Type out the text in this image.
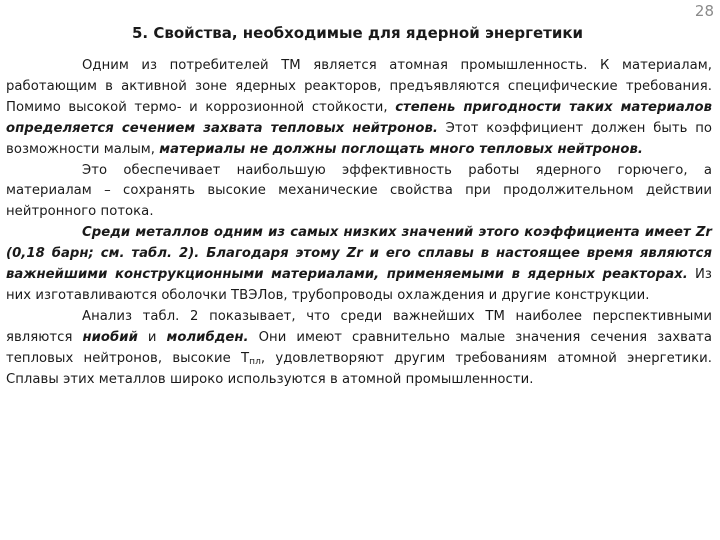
28
5. Свойства, необходимые для ядерной энергетики

Одним из потребителей ТМ является атомная промышленность. К материалам, работающим в активной зоне ядерных реакторов, предъявляются специфические требования. Помимо высокой термо- и коррозионной стойкости, степень пригодности таких материалов определяется сечением захвата тепловых нейтронов. Этот коэффициент должен быть по возможности малым, материалы не должны поглощать много тепловых нейтронов.

Это обеспечивает наибольшую эффективность работы ядерного горючего, а материалам – сохранять высокие механические свойства при продолжительном действии нейтронного потока.

Среди металлов одним из самых низких значений этого коэффициента имеет Zr (0,18 барн; см. табл. 2). Благодаря этому Zr и его сплавы в настоящее время являются важнейшими конструкционными материалами, применяемыми в ядерных реакторах. Из них изготавливаются оболочки ТВЭЛов, трубопроводы охлаждения и другие конструкции.

Анализ табл. 2 показывает, что среди важнейших ТМ наиболее перспективными являются ниобий и молибден. Они имеют сравнительно малые значения сечения захвата тепловых нейтронов, высокие $Т_{пл}$, удовлетворяют другим требованиям атомной энергетики. Сплавы этих металлов широко используются в атомной промышленности.
